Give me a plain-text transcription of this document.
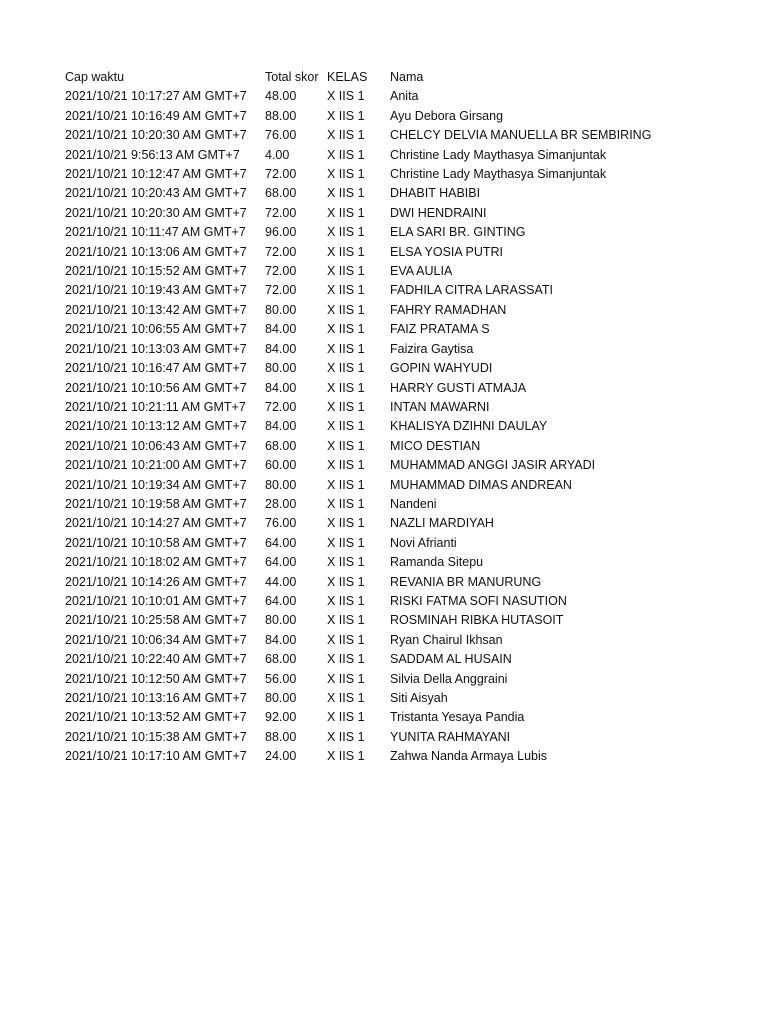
Cap waktu	Total skor	KELAS	Nama
2021/10/21 10:17:27 AM GMT+7	48.00	X IIS 1	Anita
2021/10/21 10:16:49 AM GMT+7	88.00	X IIS 1	Ayu Debora Girsang
2021/10/21 10:20:30 AM GMT+7	76.00	X IIS 1	CHELCY DELVIA MANUELLA BR SEMBIRING
2021/10/21 9:56:13 AM GMT+7	4.00	X IIS 1	Christine Lady Maythasya Simanjuntak
2021/10/21 10:12:47 AM GMT+7	72.00	X IIS 1	Christine Lady Maythasya Simanjuntak
2021/10/21 10:20:43 AM GMT+7	68.00	X IIS 1	DHABIT HABIBI
2021/10/21 10:20:30 AM GMT+7	72.00	X IIS 1	DWI HENDRAINI
2021/10/21 10:11:47 AM GMT+7	96.00	X IIS 1	ELA SARI BR. GINTING
2021/10/21 10:13:06 AM GMT+7	72.00	X IIS 1	ELSA YOSIA PUTRI
2021/10/21 10:15:52 AM GMT+7	72.00	X IIS 1	EVA AULIA
2021/10/21 10:19:43 AM GMT+7	72.00	X IIS 1	FADHILA CITRA LARASSATI
2021/10/21 10:13:42 AM GMT+7	80.00	X IIS 1	FAHRY RAMADHAN
2021/10/21 10:06:55 AM GMT+7	84.00	X IIS 1	FAIZ PRATAMA S
2021/10/21 10:13:03 AM GMT+7	84.00	X IIS 1	Faizira Gaytisa
2021/10/21 10:16:47 AM GMT+7	80.00	X IIS 1	GOPIN WAHYUDI
2021/10/21 10:10:56 AM GMT+7	84.00	X IIS 1	HARRY GUSTI ATMAJA
2021/10/21 10:21:11 AM GMT+7	72.00	X IIS 1	INTAN MAWARNI
2021/10/21 10:13:12 AM GMT+7	84.00	X IIS 1	KHALISYA DZIHNI DAULAY
2021/10/21 10:06:43 AM GMT+7	68.00	X IIS 1	MICO DESTIAN
2021/10/21 10:21:00 AM GMT+7	60.00	X IIS 1	MUHAMMAD ANGGI JASIR ARYADI
2021/10/21 10:19:34 AM GMT+7	80.00	X IIS 1	MUHAMMAD DIMAS ANDREAN
2021/10/21 10:19:58 AM GMT+7	28.00	X IIS 1	Nandeni
2021/10/21 10:14:27 AM GMT+7	76.00	X IIS 1	NAZLI MARDIYAH
2021/10/21 10:10:58 AM GMT+7	64.00	X IIS 1	Novi Afrianti
2021/10/21 10:18:02 AM GMT+7	64.00	X IIS 1	Ramanda Sitepu
2021/10/21 10:14:26 AM GMT+7	44.00	X IIS 1	REVANIA BR MANURUNG
2021/10/21 10:10:01 AM GMT+7	64.00	X IIS 1	RISKI FATMA SOFI NASUTION
2021/10/21 10:25:58 AM GMT+7	80.00	X IIS 1	ROSMINAH RIBKA HUTASOIT
2021/10/21 10:06:34 AM GMT+7	84.00	X IIS 1	Ryan Chairul Ikhsan
2021/10/21 10:22:40 AM GMT+7	68.00	X IIS 1	SADDAM AL HUSAIN
2021/10/21 10:12:50 AM GMT+7	56.00	X IIS 1	Silvia Della Anggraini
2021/10/21 10:13:16 AM GMT+7	80.00	X IIS 1	Siti Aisyah
2021/10/21 10:13:52 AM GMT+7	92.00	X IIS 1	Tristanta Yesaya Pandia
2021/10/21 10:15:38 AM GMT+7	88.00	X IIS 1	YUNITA RAHMAYANI
2021/10/21 10:17:10 AM GMT+7	24.00	X IIS 1	Zahwa Nanda Armaya Lubis
